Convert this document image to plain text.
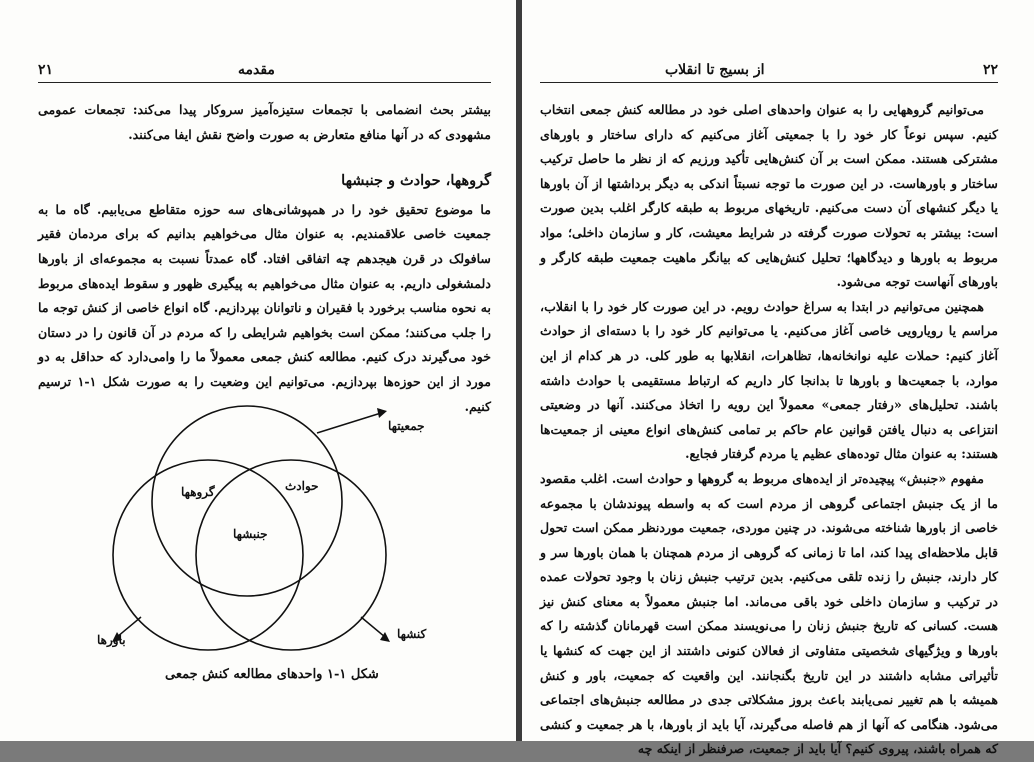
۲۱	مقدمه

بیشتر بحث انضمامی با تجمعات ستیزه‌آمیز سروکار پیدا می‌کند: تجمعات عمومی مشهودی که در آنها منافع متعارض به صورت واضح نقش ایفا می‌کنند.

گروهها، حوادث و جنبشها

ما موضوع تحقیق خود را در همپوشانی‌های سه حوزه متقاطع می‌یابیم. گاه ما به جمعیت خاصی علاقمندیم. به عنوان مثال می‌خواهیم بدانیم که برای مردمان فقیر سافولک در قرن هیجدهم چه اتفاقی افتاد. گاه عمدتاً نسبت به مجموعه‌ای از باورها دلمشغولی داریم. به عنوان مثال می‌خواهیم به پیگیری ظهور و سقوط ایده‌های مربوط به نحوه مناسب برخورد با فقیران و ناتوانان بپردازیم. گاه انواع خاصی از کنش توجه ما را جلب می‌کنند؛ ممکن است بخواهیم شرایطی را که مردم در آن قانون را در دستان خود می‌گیرند درک کنیم. مطالعه کنش جمعی معمولاً ما را وامی‌دارد که حداقل به دو مورد از این حوزه‌ها بپردازیم. می‌توانیم این وضعیت را به صورت شکل ۱-۱ ترسیم کنیم.

جمعیتها
باورها	کنشها
گروهها	حوادث
جنبشها
شکل ۱-۱ واحدهای مطالعه کنش جمعی
از بسیج تا انقلاب	۲۲

می‌توانیم گروههایی را به عنوان واحدهای اصلی خود در مطالعه کنش جمعی انتخاب کنیم. سپس نوعاً کار خود را با جمعیتی آغاز می‌کنیم که دارای ساختار و باورهای مشترکی هستند. ممکن است بر آن کنش‌هایی تأکید ورزیم که از نظر ما حاصل ترکیب ساختار و باورهاست. در این صورت ما توجه نسبتاً اندکی به دیگر برداشتها از آن باورها یا دیگر کنشهای آن دست می‌کنیم. تاریخهای مربوط به طبقه کارگر اغلب بدین صورت است: بیشتر به تحولات صورت گرفته در شرایط معیشت، کار و سازمان داخلی؛ مواد مربوط به باورها و دیدگاهها؛ تحلیل کنش‌هایی که بیانگر ماهیت جمعیت طبقه کارگر و باورهای آنهاست توجه می‌شود.

همچنین می‌توانیم در ابتدا به سراغ حوادث رویم. در این صورت کار خود را با انقلاب، مراسم یا رویارویی خاصی آغاز می‌کنیم. یا می‌توانیم کار خود را با دسته‌ای از حوادث آغاز کنیم: حملات علیه نوانخانه‌ها، تظاهرات، انقلابها به طور کلی. در هر کدام از این موارد، با جمعیت‌ها و باورها تا بدانجا کار داریم که ارتباط مستقیمی با حوادث داشته باشند. تحلیل‌های «رفتار جمعی» معمولاً این رویه را اتخاذ می‌کنند. آنها در وضعیتی انتزاعی به دنبال یافتن قوانین عام حاکم بر تمامی کنش‌های انواع معینی از جمعیت‌ها هستند: به عنوان مثال توده‌های عظیم یا مردم گرفتار فجایع.

مفهوم «جنبش» پیچیده‌تر از ایده‌های مربوط به گروهها و حوادث است. اغلب مقصود ما از یک جنبش اجتماعی گروهی از مردم است که به واسطه پیوندشان با مجموعه خاصی از باورها شناخته می‌شوند. در چنین موردی، جمعیت موردنظر ممکن است تحول قابل ملاحظه‌ای پیدا کند، اما تا زمانی که گروهی از مردم همچنان با همان باورها سر و کار دارند، جنبش را زنده تلقی می‌کنیم. بدین ترتیب جنبش زنان با وجود تحولات عمده در ترکیب و سازمان داخلی خود باقی می‌ماند. اما جنبش معمولاً به معنای کنش نیز هست. کسانی که تاریخ جنبش زنان را می‌نویسند ممکن است قهرمانان گذشته را که باورها و ویژگیهای شخصیتی متفاوتی از فعالان کنونی داشتند از این جهت که کنشها یا تأثیراتی مشابه داشتند در این تاریخ بگنجانند. این واقعیت که جمعیت، باور و کنش همیشه با هم تغییر نمی‌یابند باعث بروز مشکلاتی جدی در مطالعه جنبش‌های اجتماعی می‌شود. هنگامی که آنها از هم فاصله می‌گیرند، آیا باید از باورها، با هر جمعیت و کنشی که همراه باشند، پیروی کنیم؟ آیا باید از جمعیت، صرفنظر از اینکه چه
